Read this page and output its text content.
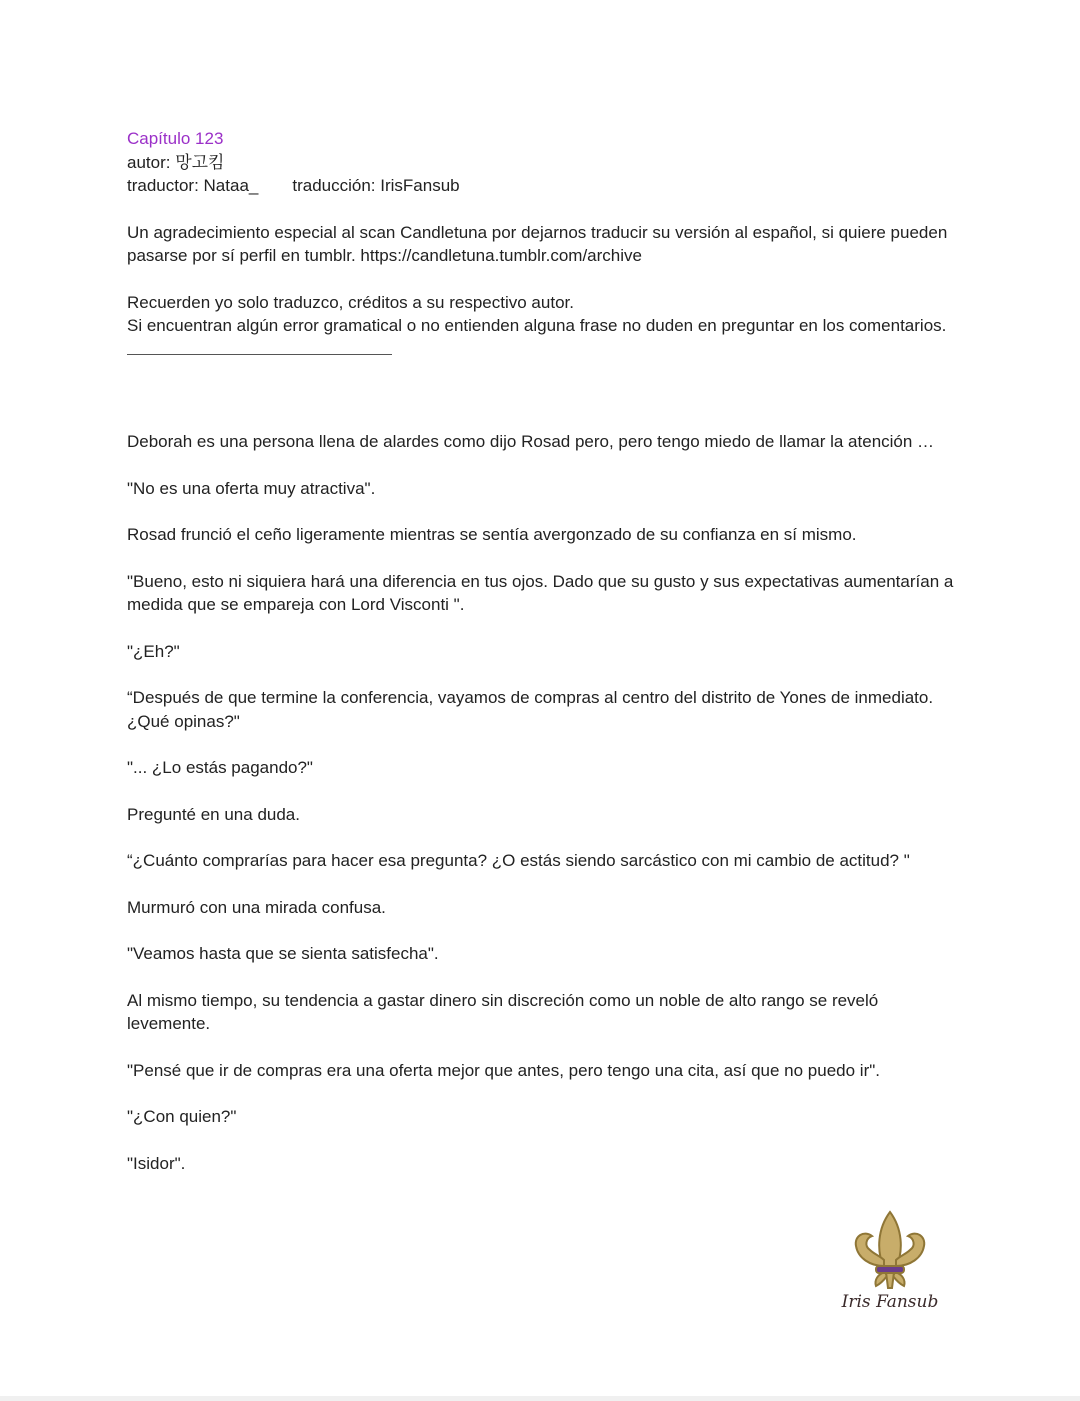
Capítulo 123
autor: 망고킴
traductor: Nataa_ traducción: IrisFansub
Un agradecimiento especial al scan Candletuna por dejarnos traducir su versión al español, si quiere pueden pasarse por sí perfil en tumblr. https://candletuna.tumblr.com/archive
Recuerden yo solo traduzco, créditos a su respectivo autor.
Si encuentran algún error gramatical o no entienden alguna frase no duden en preguntar en los comentarios.

Deborah es una persona llena de alardes como dijo Rosad pero, pero tengo miedo de llamar la atención …

"No es una oferta muy atractiva".

Rosad frunció el ceño ligeramente mientras se sentía avergonzado de su confianza en sí mismo.

"Bueno, esto ni siquiera hará una diferencia en tus ojos. Dado que su gusto y sus expectativas aumentarían a medida que se empareja con Lord Visconti ".

"¿Eh?"

“Después de que termine la conferencia, vayamos de compras al centro del distrito de Yones de inmediato. ¿Qué opinas?"

"... ¿Lo estás pagando?"

Pregunté en una duda.

“¿Cuánto comprarías para hacer esa pregunta? ¿O estás siendo sarcástico con mi cambio de actitud? "

Murmuró con una mirada confusa.

"Veamos hasta que se sienta satisfecha".

Al mismo tiempo, su tendencia a gastar dinero sin discreción como un noble de alto rango se reveló levemente.

"Pensé que ir de compras era una oferta mejor que antes, pero tengo una cita, así que no puedo ir".

"¿Con quien?"

"Isidor".

Iris Fansub
